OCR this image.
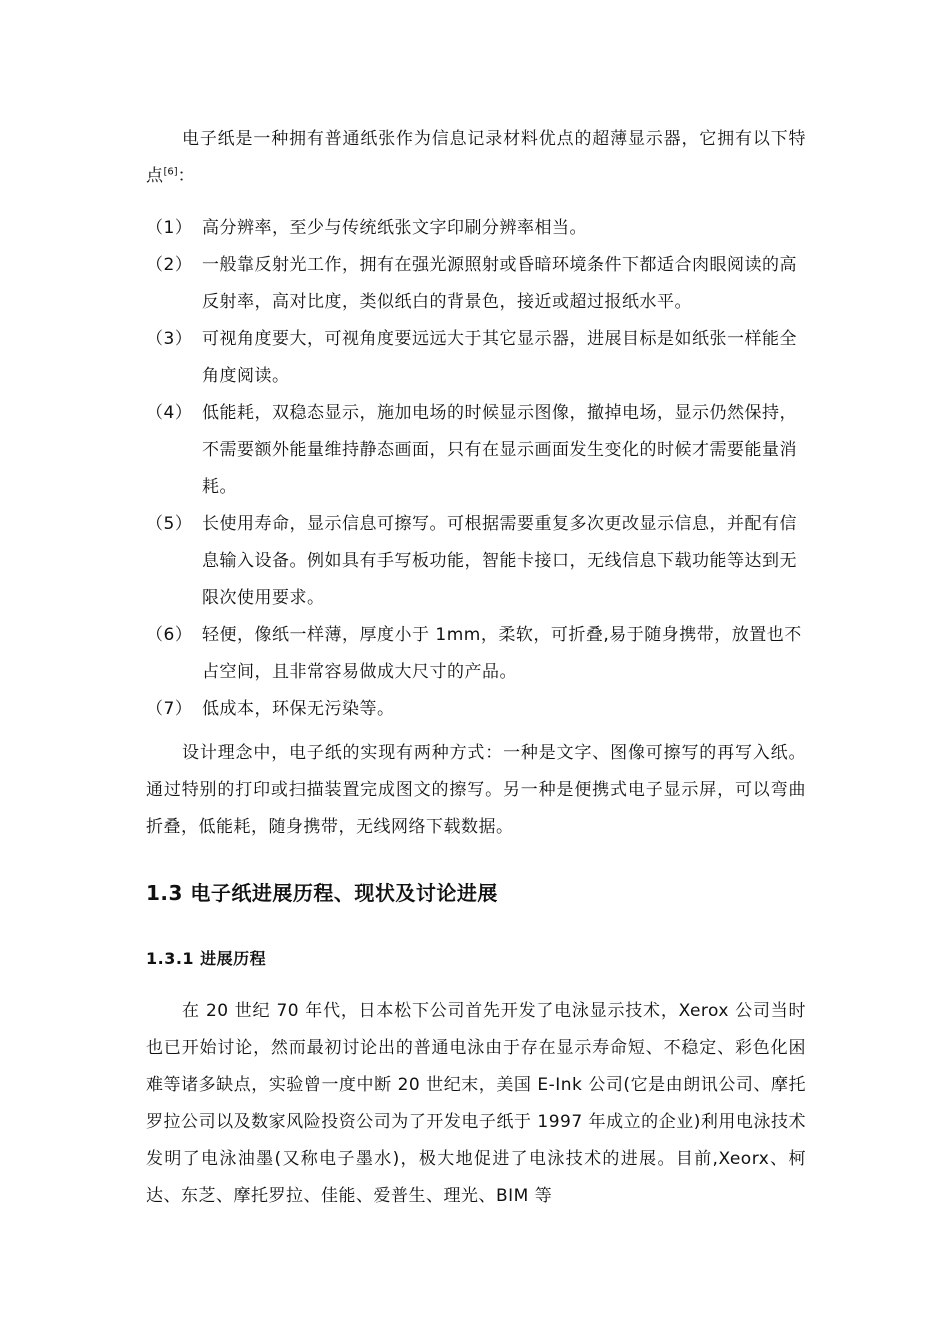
电子纸是一种拥有普通纸张作为信息记录材料优点的超薄显示器，它拥有以下特点[6]：

（1） 高分辨率，至少与传统纸张文字印刷分辨率相当。
（2） 一般靠反射光工作，拥有在强光源照射或昏暗环境条件下都适合肉眼阅读的高反射率，高对比度，类似纸白的背景色，接近或超过报纸水平。
（3） 可视角度要大，可视角度要远远大于其它显示器，进展目标是如纸张一样能全角度阅读。
（4） 低能耗，双稳态显示，施加电场的时候显示图像，撤掉电场，显示仍然保持，不需要额外能量维持静态画面，只有在显示画面发生变化的时候才需要能量消耗。
（5） 长使用寿命，显示信息可擦写。可根据需要重复多次更改显示信息，并配有信息输入设备。例如具有手写板功能，智能卡接口，无线信息下载功能等达到无限次使用要求。
（6） 轻便，像纸一样薄，厚度小于 1mm，柔软，可折叠,易于随身携带，放置也不占空间，且非常容易做成大尺寸的产品。
（7） 低成本，环保无污染等。

设计理念中，电子纸的实现有两种方式：一种是文字、图像可擦写的再写入纸。通过特别的打印或扫描装置完成图文的擦写。另一种是便携式电子显示屏，可以弯曲折叠，低能耗，随身携带，无线网络下载数据。

1.3 电子纸进展历程、现状及讨论进展
1.3.1 进展历程

在 20 世纪 70 年代，日本松下公司首先开发了电泳显示技术，Xerox 公司当时也已开始讨论，然而最初讨论出的普通电泳由于存在显示寿命短、不稳定、彩色化困难等诸多缺点，实验曾一度中断 20 世纪末，美国 E-Ink 公司(它是由朗讯公司、摩托罗拉公司以及数家风险投资公司为了开发电子纸于 1997 年成立的企业)利用电泳技术发明了电泳油墨(又称电子墨水)，极大地促进了电泳技术的进展。目前,Xeorx、柯达、东芝、摩托罗拉、佳能、爱普生、理光、BIM 等
